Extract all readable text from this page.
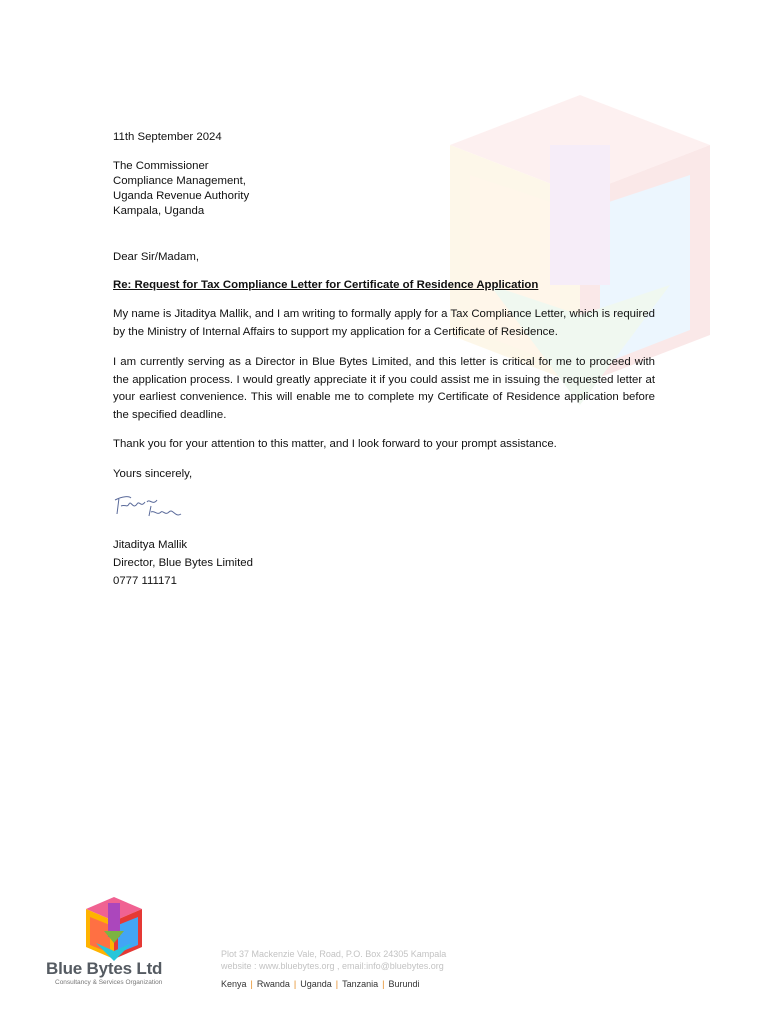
11th September 2024
The Commissioner
Compliance Management,
Uganda Revenue Authority
Kampala, Uganda
Dear Sir/Madam,
Re: Request for Tax Compliance Letter for Certificate of Residence Application

My name is Jitaditya Mallik, and I am writing to formally apply for a Tax Compliance Letter, which is required by the Ministry of Internal Affairs to support my application for a Certificate of Residence.

I am currently serving as a Director in Blue Bytes Limited, and this letter is critical for me to proceed with the application process. I would greatly appreciate it if you could assist me in issuing the requested letter at your earliest convenience. This will enable me to complete my Certificate of Residence application before the specified deadline.

Thank you for your attention to this matter, and I look forward to your prompt assistance.

Yours sincerely,
Jitaditya Mallik
Director, Blue Bytes Limited
0777 111171
Blue Bytes Ltd
Consultancy & Services Organization
Plot 37 Mackenzie Vale, Road, P.O. Box 24305 Kampala
website : www.bluebytes.org , email:info@bluebytes.org
Kenya | Rwanda | Uganda | Tanzania | Burundi
